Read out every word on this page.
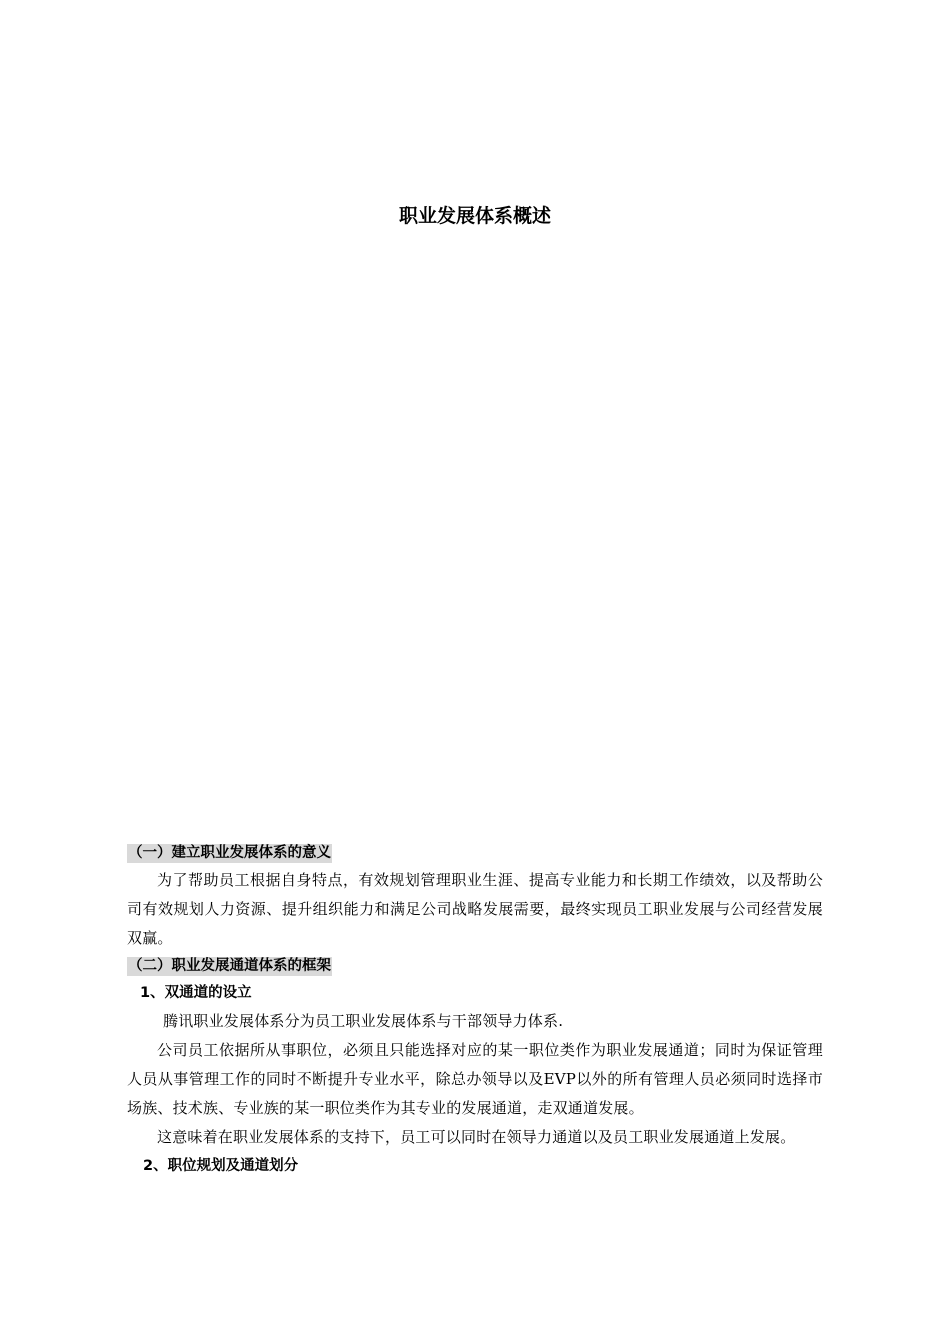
职业发展体系概述
（一）建立职业发展体系的意义

为了帮助员工根据自身特点，有效规划管理职业生涯、提高专业能力和长期工作绩效，以及帮助公司有效规划人力资源、提升组织能力和满足公司战略发展需要，最终实现员工职业发展与公司经营发展双赢。

（二）职业发展通道体系的框架
1、双通道的设立

腾讯职业发展体系分为员工职业发展体系与干部领导力体系.

公司员工依据所从事职位，必须且只能选择对应的某一职位类作为职业发展通道；同时为保证管理人员从事管理工作的同时不断提升专业水平，除总办领导以及EVP以外的所有管理人员必须同时选择市场族、技术族、专业族的某一职位类作为其专业的发展通道，走双通道发展。

这意味着在职业发展体系的支持下，员工可以同时在领导力通道以及员工职业发展通道上发展。

2、职位规划及通道划分
